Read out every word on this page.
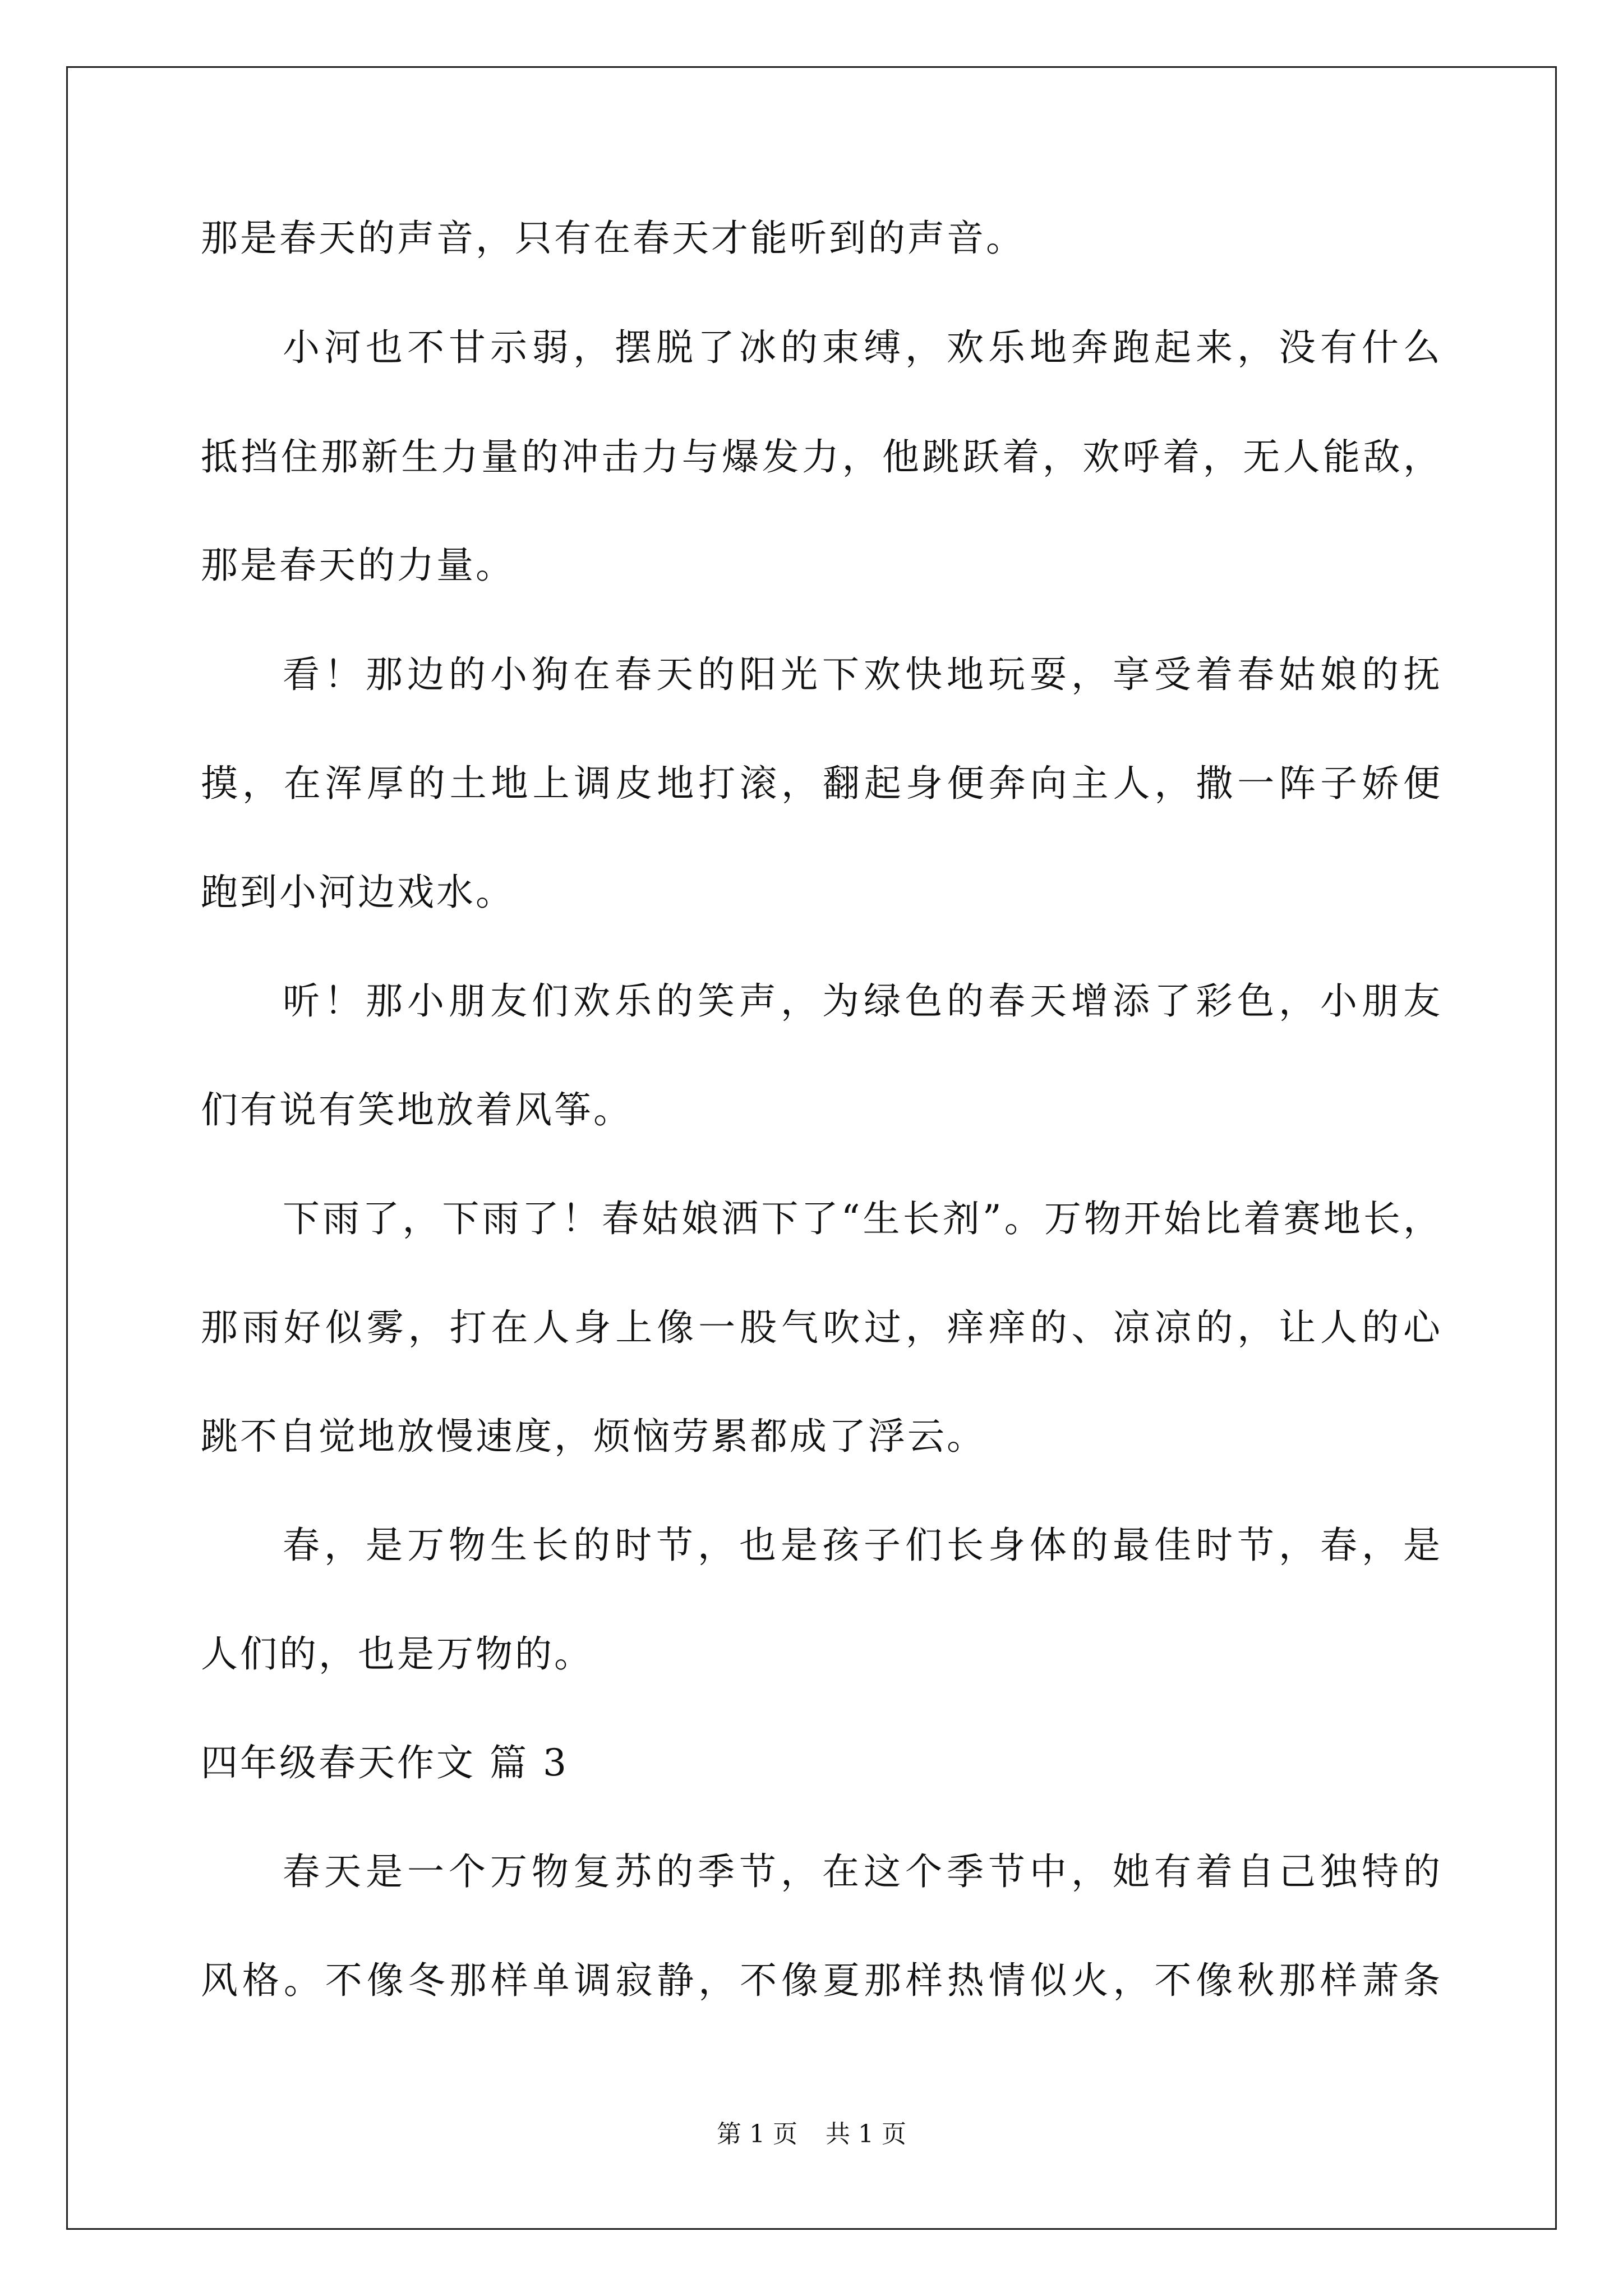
那是春天的声音，只有在春天才能听到的声音。
小河也不甘示弱，摆脱了冰的束缚，欢乐地奔跑起来，没有什么
抵挡住那新生力量的冲击力与爆发力，他跳跃着，欢呼着，无人能敌，
那是春天的力量。
看！那边的小狗在春天的阳光下欢快地玩耍，享受着春姑娘的抚
摸，在浑厚的土地上调皮地打滚，翻起身便奔向主人，撒一阵子娇便
跑到小河边戏水。
听！那小朋友们欢乐的笑声，为绿色的春天增添了彩色，小朋友
们有说有笑地放着风筝。
下雨了，下雨了！春姑娘洒下了“生长剂”。万物开始比着赛地长，
那雨好似雾，打在人身上像一股气吹过，痒痒的、凉凉的，让人的心
跳不自觉地放慢速度，烦恼劳累都成了浮云。
春，是万物生长的时节，也是孩子们长身体的最佳时节，春，是
人们的，也是万物的。
四年级春天作文 篇 3
春天是一个万物复苏的季节，在这个季节中，她有着自己独特的
风格。不像冬那样单调寂静，不像夏那样热情似火，不像秋那样萧条
第 1 页 共 1 页
